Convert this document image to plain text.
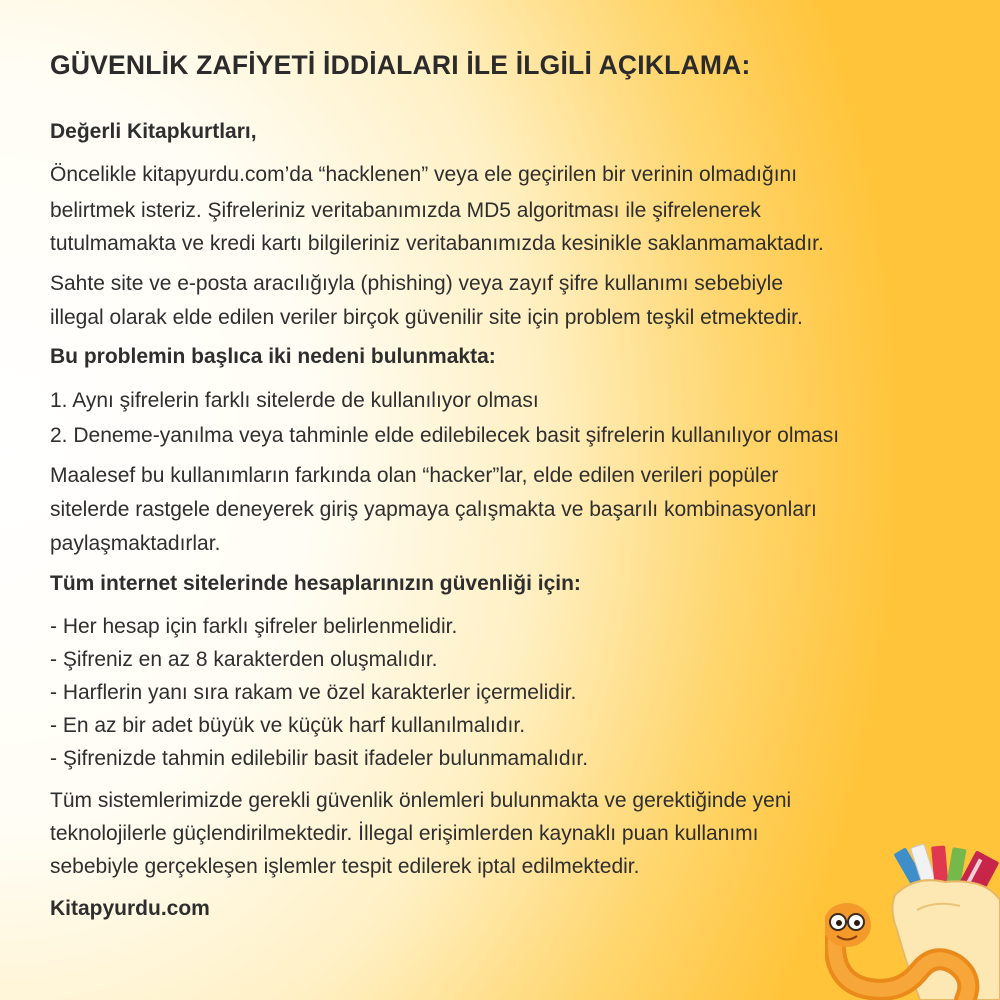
GÜVENLİK ZAFİYETİ İDDİALARI İLE İLGİLİ AÇIKLAMA:
Değerli Kitapkurtları,
Öncelikle kitapyurdu.com’da “hacklenen” veya ele geçirilen bir verinin olmadığını
belirtmek isteriz. Şifreleriniz veritabanımızda MD5 algoritması ile şifrelenerek
tutulmamakta ve kredi kartı bilgileriniz veritabanımızda kesinikle saklanmamaktadır.
Sahte site ve e-posta aracılığıyla (phishing) veya zayıf şifre kullanımı sebebiyle
illegal olarak elde edilen veriler birçok güvenilir site için problem teşkil etmektedir.
Bu problemin başlıca iki nedeni bulunmakta:
1. Aynı şifrelerin farklı sitelerde de kullanılıyor olması
2. Deneme-yanılma veya tahminle elde edilebilecek basit şifrelerin kullanılıyor olması
Maalesef bu kullanımların farkında olan “hacker”lar, elde edilen verileri popüler
sitelerde rastgele deneyerek giriş yapmaya çalışmakta ve başarılı kombinasyonları
paylaşmaktadırlar.
Tüm internet sitelerinde hesaplarınızın güvenliği için:
- Her hesap için farklı şifreler belirlenmelidir.
- Şifreniz en az 8 karakterden oluşmalıdır.
- Harflerin yanı sıra rakam ve özel karakterler içermelidir.
- En az bir adet büyük ve küçük harf kullanılmalıdır.
- Şifrenizde tahmin edilebilir basit ifadeler bulunmamalıdır.
Tüm sistemlerimizde gerekli güvenlik önlemleri bulunmakta ve gerektiğinde yeni
teknolojilerle güçlendirilmektedir. İllegal erişimlerden kaynaklı puan kullanımı
sebebiyle gerçekleşen işlemler tespit edilerek iptal edilmektedir.
Kitapyurdu.com
